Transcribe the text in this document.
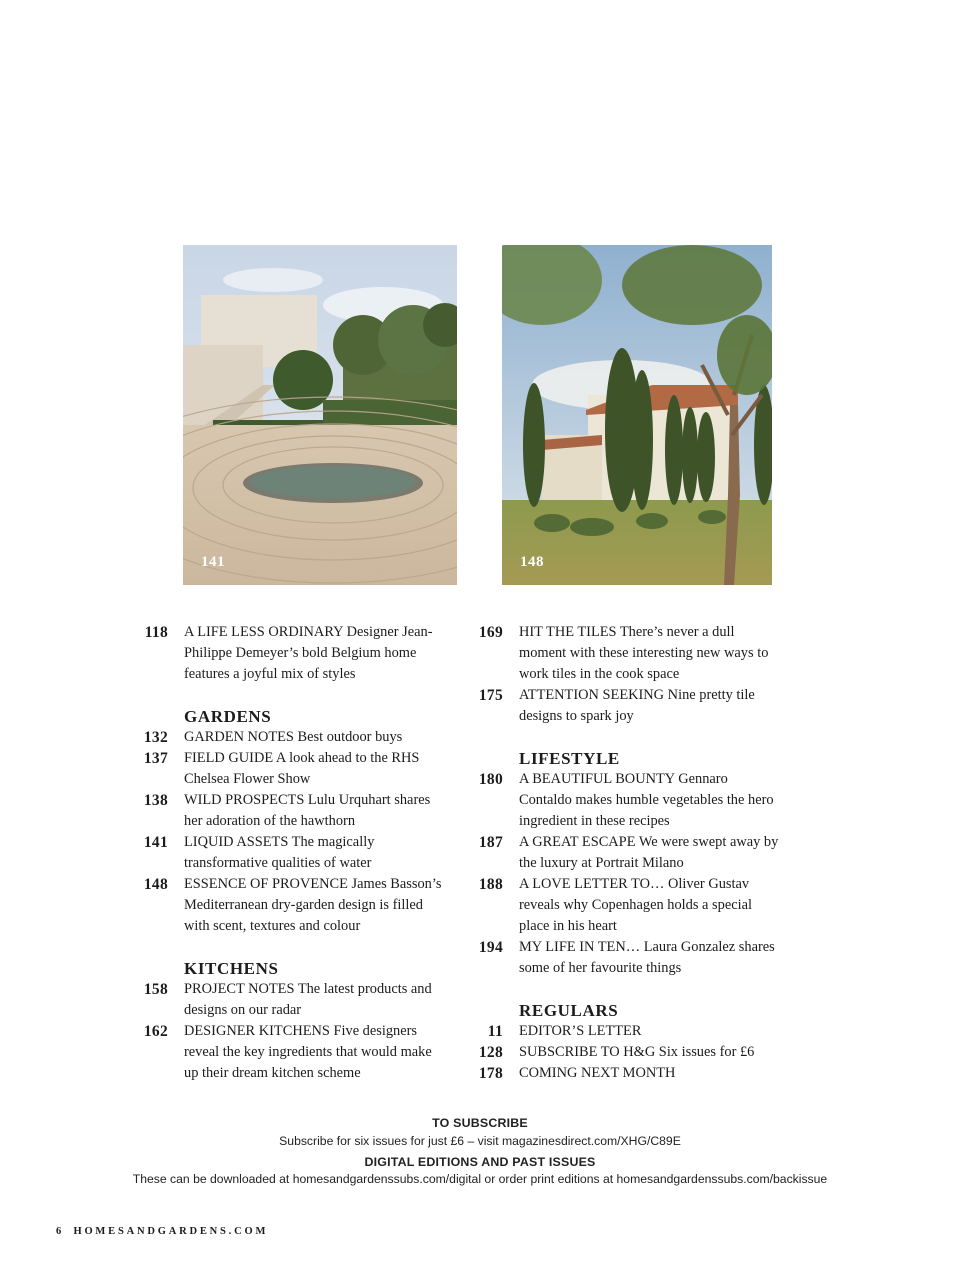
141	148
118 A LIFE LESS ORDINARY Designer Jean-Philippe Demeyer’s bold Belgium home features a joyful mix of styles
GARDENS
132 GARDEN NOTES Best outdoor buys
137 FIELD GUIDE A look ahead to the RHS Chelsea Flower Show
138 WILD PROSPECTS Lulu Urquhart shares her adoration of the hawthorn
141 LIQUID ASSETS The magically transformative qualities of water
148 ESSENCE OF PROVENCE James Basson’s Mediterranean dry-garden design is filled with scent, textures and colour
KITCHENS
158 PROJECT NOTES The latest products and designs on our radar
162 DESIGNER KITCHENS Five designers reveal the key ingredients that would make up their dream kitchen scheme
169 HIT THE TILES There’s never a dull moment with these interesting new ways to work tiles in the cook space
175 ATTENTION SEEKING Nine pretty tile designs to spark joy
LIFESTYLE
180 A BEAUTIFUL BOUNTY Gennaro Contaldo makes humble vegetables the hero ingredient in these recipes
187 A GREAT ESCAPE We were swept away by the luxury at Portrait Milano
188 A LOVE LETTER TO… Oliver Gustav reveals why Copenhagen holds a special place in his heart
194 MY LIFE IN TEN… Laura Gonzalez shares some of her favourite things
REGULARS
11 EDITOR’S LETTER
128 SUBSCRIBE TO H&G Six issues for £6
178 COMING NEXT MONTH
TO SUBSCRIBE
Subscribe for six issues for just £6 – visit magazinesdirect.com/XHG/C89E
DIGITAL EDITIONS AND PAST ISSUES
These can be downloaded at homesandgardenssubs.com/digital or order print editions at homesandgardenssubs.com/backissue
6 HOMESANDGARDENS.COM
